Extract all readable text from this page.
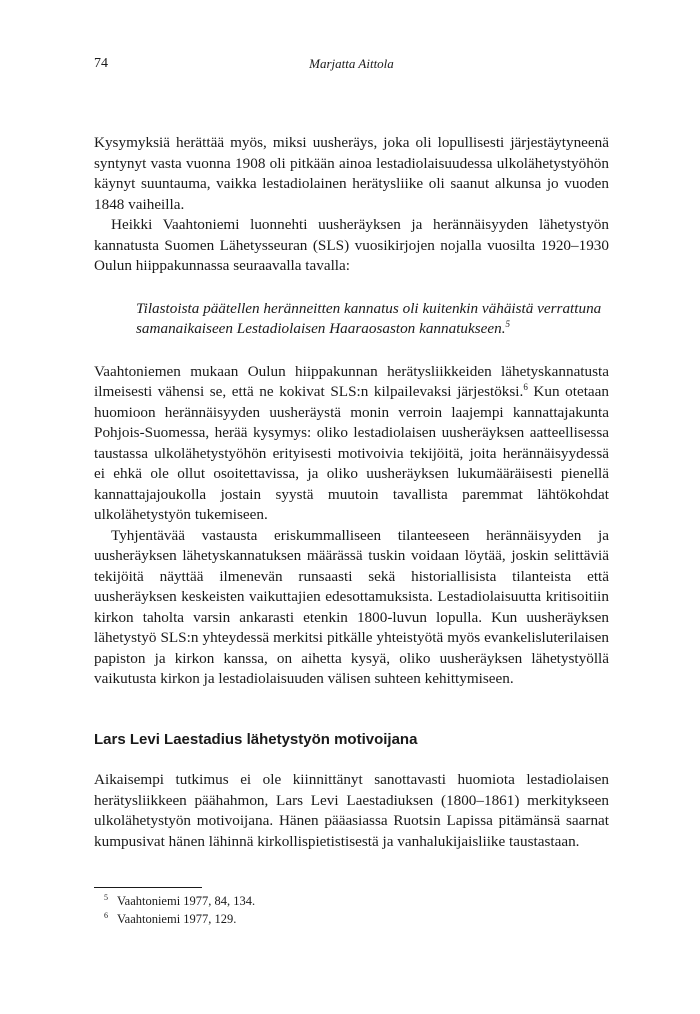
74	Marjatta Aittola

Kysymyksiä herättää myös, miksi uusheräys, joka oli lopullisesti järjestäytyneenä syntynyt vasta vuonna 1908 oli pitkään ainoa lestadiolaisuudessa ulkolähetystyöhön käynyt suuntauma, vaikka lestadiolainen herätysliike oli saanut alkunsa jo vuoden 1848 vaiheilla.

Heikki Vaahtoniemi luonnehti uusheräyksen ja herännäisyyden lähetystyön kannatusta Suomen Lähetysseuran (SLS) vuosikirjojen nojalla vuosilta 1920–1930 Oulun hiippakunnassa seuraavalla tavalla:

Tilastoista päätellen heränneitten kannatus oli kuitenkin vähäistä verrattuna
samanaikaiseen Lestadiolaisen Haaraosaston kannatukseen.$^5$

Vaahtoniemen mukaan Oulun hiippakunnan herätysliikkeiden lähetyskannatusta ilmeisesti vähensi se, että ne kokivat SLS:n kilpailevaksi järjestöksi.$^6$ Kun otetaan huomioon herännäisyyden uusheräystä monin verroin laajempi kannattajakunta Pohjois-Suomessa, herää kysymys: oliko lestadiolaisen uusheräyksen aatteellisessa taustassa ulkolähetystyöhön erityisesti motivoivia tekijöitä, joita herännäisyydessä ei ehkä ole ollut osoitettavissa, ja oliko uusheräyksen lukumääräisesti pienellä kannattajajoukolla jostain syystä muutoin tavallista paremmat lähtökohdat ulkolähetystyön tukemiseen.

Tyhjentävää vastausta eriskummalliseen tilanteeseen herännäisyyden ja uusheräyksen lähetyskannatuksen määrässä tuskin voidaan löytää, joskin selittäviä tekijöitä näyttää ilmenevän runsaasti sekä historiallisista tilanteista että uusheräyksen keskeisten vaikuttajien edesottamuksista. Lestadiolaisuutta kritisoitiin kirkon taholta varsin ankarasti etenkin 1800-luvun lopulla. Kun uusheräyksen lähetystyö SLS:n yhteydessä merkitsi pitkälle yhteistyötä myös evankelisluterilaisen papiston ja kirkon kanssa, on aihetta kysyä, oliko uusheräyksen lähetystyöllä vaikutusta kirkon ja lestadiolaisuuden välisen suhteen kehittymiseen.

Lars Levi Laestadius lähetystyön motivoijana

Aikaisempi tutkimus ei ole kiinnittänyt sanottavasti huomiota lestadiolaisen herätysliikkeen päähahmon, Lars Levi Laestadiuksen (1800–1861) merkitykseen ulkolähetystyön motivoijana. Hänen pääasiassa Ruotsin Lapissa pitämänsä saarnat kumpusivat hänen lähinnä kirkollispietistisestä ja vanhalukijaisliike taustastaan.

$^5$ Vaahtoniemi 1977, 84, 134.
$^6$ Vaahtoniemi 1977, 129.
